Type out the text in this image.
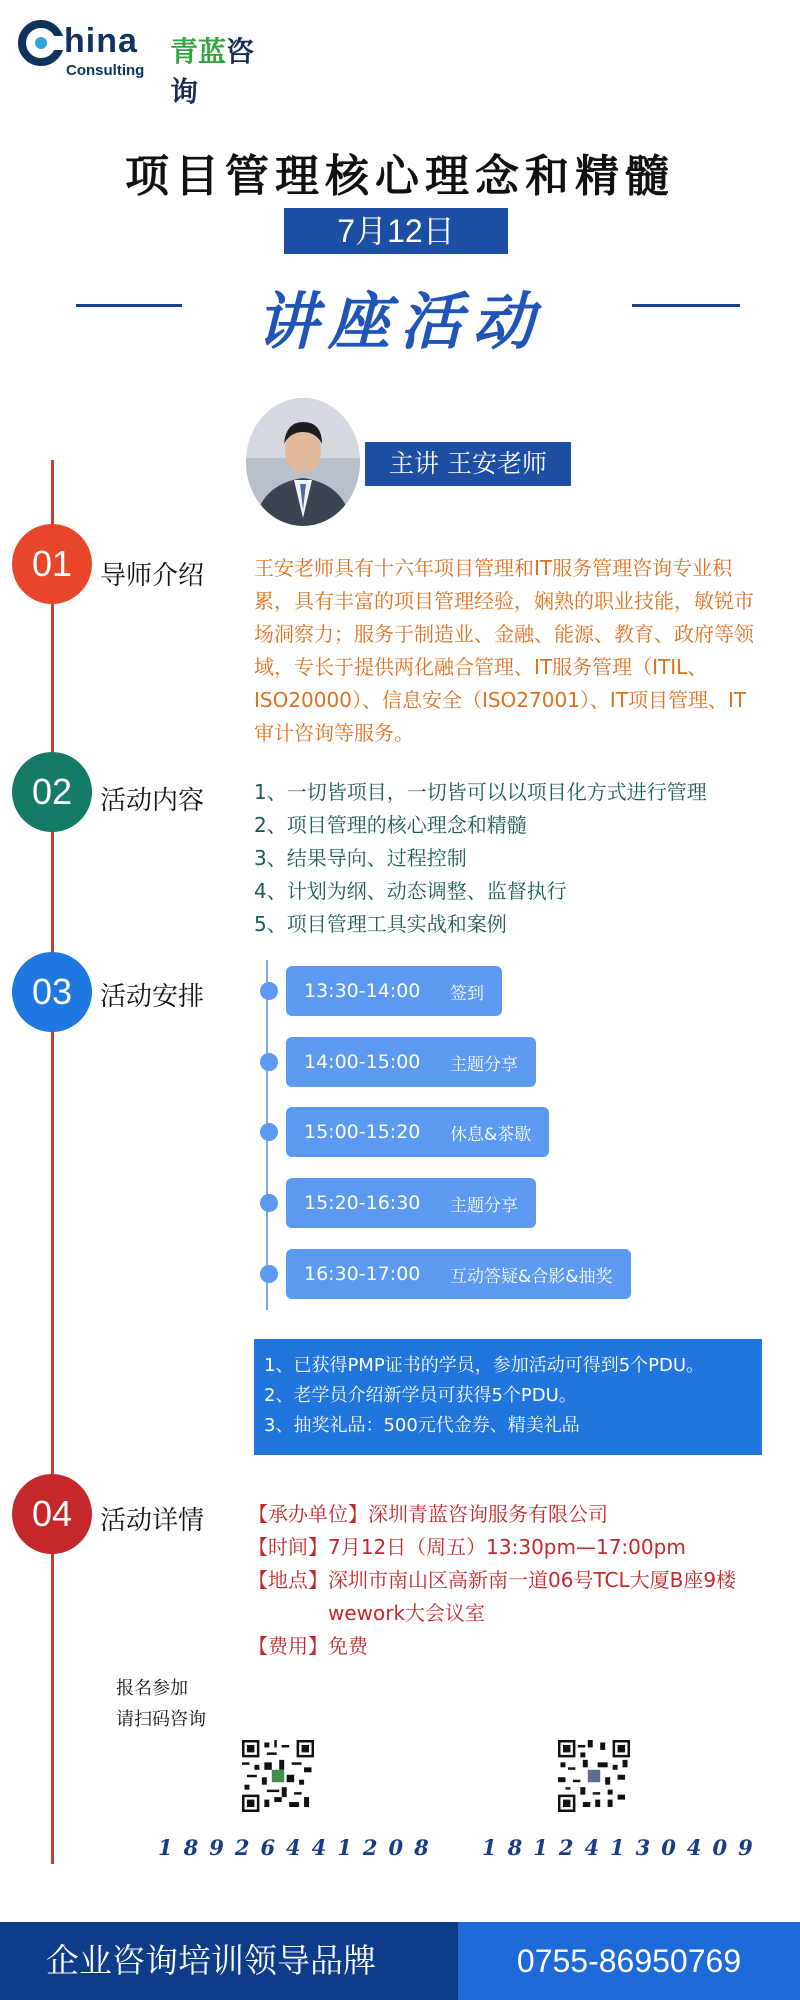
hina
Consulting
青蓝咨询
项目管理核心理念和精髓
7月12日
讲座活动
主讲 王安老师
01	导师介绍 王安老师具有十六年项目管理和IT服务管理咨询专业积累，具有丰富的项目管理经验，娴熟的职业技能，敏锐市场洞察力；服务于制造业、金融、能源、教育、政府等领域，专长于提供两化融合管理、IT服务管理（ITIL、ISO20000）、信息安全（ISO27001）、IT项目管理、IT审计咨询等服务。
02	活动内容 1、一切皆项目，一切皆可以以项目化方式进行管理
2、项目管理的核心理念和精髓
3、结果导向、过程控制
4、计划为纲、动态调整、监督执行
5、项目管理工具实战和案例
03	活动安排	13:30-14:00	签到
14:00-15:00	主题分享
15:00-15:20	休息&茶歇
15:20-16:30	主题分享
16:30-17:00	互动答疑&合影&抽奖
1、已获得PMP证书的学员，参加活动可得到5个PDU。
2、老学员介绍新学员可获得5个PDU。
3、抽奖礼品：500元代金券、精美礼品
04	活动详情 【承办单位】深圳青蓝咨询服务有限公司
【时间】7月12日（周五）13:30pm—17:00pm
【地点】深圳市南山区高新南一道06号TCL大厦B座9楼
wework大会议室
【费用】免费
报名参加
请扫码咨询
18926441208 18124130409
企业咨询培训领导品牌	0755-86950769
